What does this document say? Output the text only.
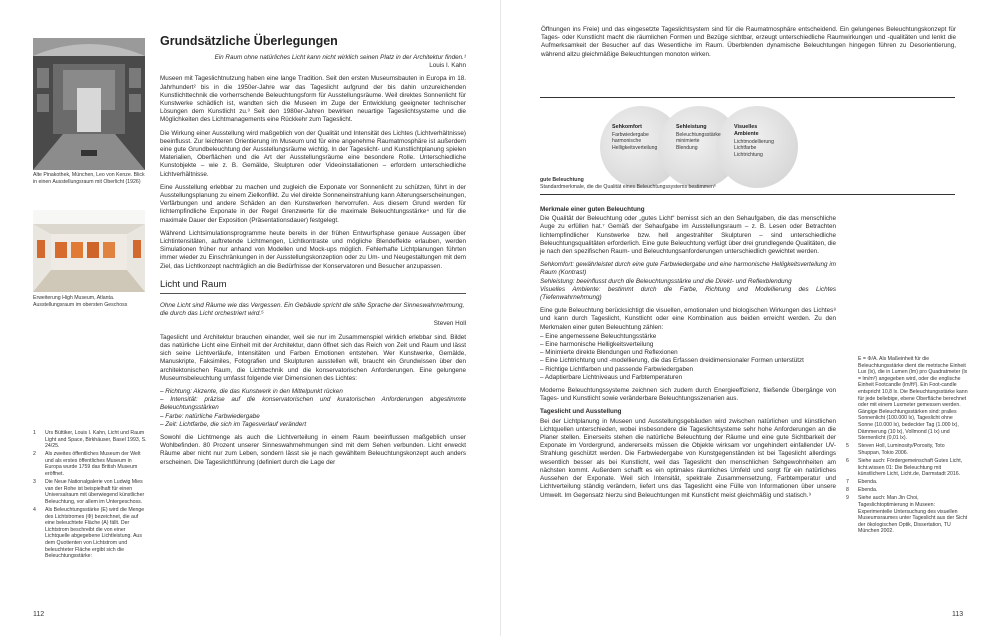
Alte Pinakothek, München, Leo von Kenze. Blick in einen Ausstellungsraum mit Oberlicht (1926)
Erweiterung High Museum, Atlanta. Ausstellungsraum im obersten Geschoss
1	Urs Büttiker, Louis I. Kahn, Licht und Raum Light and Space, Birkhäuser, Basel 1993, S. 24/25.
2	Als zweites öffentliches Museum der Welt und als erstes öffentliches Museum in Europa wurde 1759 das British Museum eröffnet.
3	Die Neue Nationalgalerie von Ludwig Mies van der Rohe ist beispielhaft für einen Universalraum mit überwiegend künstlicher Beleuchtung, vor allem im Untergeschoss.
4	Als Beleuchtungsstärke (E) wird die Menge des Lichtstromes (Φ) bezeichnet, die auf eine beleuchtete Fläche (A) fällt. Der Lichtstrom beschreibt die von einer Lichtquelle abgegebene Lichtleistung. Aus dem Quotienten von Lichtstrom und beleuchteter Fläche ergibt sich die Beleuchtungsstärke:
Grundsätzliche Überlegungen

Ein Raum ohne natürliches Licht kann nicht wirklich seinen Platz in der Architektur finden.¹

Louis I. Kahn

Museen mit Tageslichtnutzung haben eine lange Tradition. Seit den ersten Museumsbauten in Europa im 18. Jahrhundert² bis in die 1950er-Jahre war das Tageslicht aufgrund der bis dahin unzureichenden Kunstlichttechnik die vorherrschende Beleuchtungsform für Ausstellungsräume. Weil direktes Sonnenlicht für Kunstwerke schädlich ist, wandten sich die Museen im Zuge der Entwicklung geeigneter technischer Lösungen dem Kunstlicht zu.³ Seit den 1980er-Jahren bewirken neuartige Tageslichtsysteme und die Möglichkeiten des Lichtmanagements eine Rückkehr zum Tageslicht.

Die Wirkung einer Ausstellung wird maßgeblich von der Qualität und Intensität des Lichtes (Lichtverhältnisse) beeinflusst. Zur leichteren Orientierung im Museum und für eine angenehme Raumatmosphäre ist außerdem eine gute Grundbeleuchtung der Ausstellungsräume wichtig. In der Tageslicht- und Kunstlichtplanung spielen Materialien, Oberflächen und die Art der Ausstellungsräume eine besondere Rolle. Unterschiedliche Kunstobjekte – wie z. B. Gemälde, Skulpturen oder Videoinstallationen – erfordern unterschiedliche Lichtverhältnisse.

Eine Ausstellung erlebbar zu machen und zugleich die Exponate vor Sonnenlicht zu schützen, führt in der Ausstellungsplanung zu einem Zielkonflikt. Zu viel direkte Sonneneinstrahlung kann Alterungserscheinungen, Verfärbungen und andere Schäden an den Kunstwerken hervorrufen. Aus diesem Grund werden für lichtempfindliche Exponate in der Regel Grenzwerte für die maximale Beleuchtungsstärke⁴ und für die maximale Dauer der Exposition (Präsentationsdauer) festgelegt.

Während Lichtsimulationsprogramme heute bereits in der frühen Entwurfsphase genaue Aussagen über Lichtintensitäten, auftretende Lichtmengen, Lichtkontraste und mögliche Blendeffekte erlauben, werden Simulationen früher nur anhand von Modellen und Mock-ups möglich. Fehlerhafte Lichtplanungen führten immer wieder zu Einschränkungen in der Ausstellungskonzeption oder zu Um- und Neugestaltungen mit dem Ziel, das Lichtkonzept nachträglich an die Bedürfnisse der Konservatoren und Besucher anzupassen.

Licht und Raum

Ohne Licht sind Räume wie das Vergessen. Ein Gebäude spricht die stille Sprache der Sinneswahrnehmung, die durch das Licht orchestriert wird.⁵

Steven Holl

Tageslicht und Architektur brauchen einander, weil sie nur im Zusammenspiel wirklich erlebbar sind. Bildet das natürliche Licht eine Einheit mit der Architektur, dann öffnet sich das Reich von Zeit und Raum und lässt sich seine Lichtverläufe, Intensitäten und Farben Emotionen entstehen. Wer Kunstwerke, Gemälde, Manuskripte, Faksimiles, Fotografien und Skulpturen ausstellen will, braucht ein Grundwissen über den architektonischen Raum, die Lichttechnik und die konservatorischen Anforderungen. Eine gelungene Museumsbeleuchtung umfasst folgende vier Dimensionen des Lichtes:

– Richtung: Akzente, die das Kunstwerk in den Mittelpunkt rücken
– Intensität: präzise auf die konservatorischen und kuratorischen Anforderungen abgestimmte Beleuchtungsstärken
– Farbe: natürliche Farbwiedergabe
– Zeit: Lichtfarbe, die sich im Tagesverlauf verändert

Sowohl die Lichtmenge als auch die Lichtverteilung in einem Raum beeinflussen maßgeblich unser Wohlbefinden. 80 Prozent unserer Sinneswahrnehmungen sind mit dem Sehen verbunden. Licht erweckt Räume aber nicht nur zum Leben, sondern lässt sie je nach gewähltem Beleuchtungskonzept auch anders erscheinen. Die Tageslichtführung (definiert durch die Lage der

112

Öffnungen ins Freie) und das eingesetzte Tageslichtsystem sind für die Raumatmosphäre entscheidend. Ein gelungenes Beleuchtungskonzept für Tages- oder Kunstlicht macht die räumlichen Formen und Bezüge sichtbar, erzeugt unterschiedliche Raumwirkungen und -qualitäten und lenkt die Aufmerksamkeit der Besucher auf das Wesentliche im Raum. Überblenden dynamische Beleuchtungen hingegen führen zu Desorientierung, während allzu gleichmäßige Beleuchtungen monoton wirken.

Sehkomfort
Farbwiedergabe
harmonische Helligkeitsverteilung
Sehleistung
Beleuchtungsstärke
minimierte Blendung
Visuelles Ambiente
Lichtmodellierung
Lichtfarbe
Lichtrichtung
gute Beleuchtung
Standardmerkmale, die die Qualität eines Beleuchtungssystems bestimmen⁶
Merkmale einer guten Beleuchtung

Die Qualität der Beleuchtung oder „gutes Licht“ bemisst sich an den Sehaufgaben, die das menschliche Auge zu erfüllen hat.⁷ Gemäß der Sehaufgabe im Ausstellungsraum – z. B. Lesen oder Betrachten lichtempfindlicher Kunstwerke bzw. hell angestrahlter Skulpturen – sind unterschiedliche Beleuchtungsqualitäten erforderlich. Eine gute Beleuchtung verfügt über drei grundlegende Qualitäten, die je nach den spezifischen Raum- und Beleuchtungsanforderungen unterschiedlich gewichtet werden.

Sehkomfort: gewährleistet durch eine gute Farbwiedergabe und eine harmonische Helligkeitsverteilung im Raum (Kontrast)

Sehleistung: beeinflusst durch die Beleuchtungsstärke und die Direkt- und Reflexblendung

Visuelles Ambiente: bestimmt durch die Farbe, Richtung und Modellierung des Lichtes (Tiefenwahrnehmung)

Eine gute Beleuchtung berücksichtigt die visuellen, emotionalen und biologischen Wirkungen des Lichtes⁸ und kann durch Tageslicht, Kunstlicht oder eine Kombination aus beiden erreicht werden. Zu den Merkmalen einer guten Beleuchtung zählen:

– Eine angemessene Beleuchtungsstärke
– Eine harmonische Helligkeitsverteilung
– Minimierte direkte Blendungen und Reflexionen
– Eine Lichtrichtung und -modellierung, die das Erfassen dreidimensionaler Formen unterstützt
– Richtige Lichtfarben und passende Farbwiedergaben
– Adaptierbare Lichtniveaus und Farbtemperaturen

Moderne Beleuchtungssysteme zeichnen sich zudem durch Energieeffizienz, fließende Übergänge von Tages- und Kunstlicht sowie veränderbare Beleuchtungsszenarien aus.

Tageslicht und Ausstellung

Bei der Lichtplanung in Museen und Ausstellungsgebäuden wird zwischen natürlichen und künstlichen Lichtquellen unterschieden, wobei insbesondere die Tageslichtsysteme sehr hohe Anforderungen an die Planer stellen. Einerseits stehen die natürliche Beleuchtung der Räume und eine gute Sichtbarkeit der Exponate im Vordergrund, andererseits müssen die Objekte wirksam vor ungehindert einfallender UV-Strahlung geschützt werden. Die Farbwiedergabe von Kunstgegenständen ist bei Tageslicht allerdings wesentlich besser als bei Kunstlicht, weil das Tageslicht den menschlichen Sehgewohnheiten am nächsten kommt. Außerdem schafft es ein optimales räumliches Umfeld und sorgt für ein natürliches Aussehen der Exponate. Weil sich Intensität, spektrale Zusammensetzung, Farbtemperatur und Lichtverteilung ständig verändern, liefert uns das Tageslicht eine Fülle von Informationen über unsere Umwelt. Im Gegensatz hierzu sind Beleuchtungen mit Kunstlicht meist gleichmäßig und statisch.⁹

E = Φ/A. Als Maßeinheit für die Beleuchtungsstärke dient die metrische Einheit Lux (lx), die in Lumen (lm) pro Quadratmeter (lx = lm/m²) angegeben wird, oder die englische Einheit Footcandle (lm/ft²). Ein Foot-candle entspricht 10,8 lx. Die Beleuchtungsstärke kann für jede beliebige, ebene Oberfläche berechnet oder mit einem Luxmeter gemessen werden. Gängige Beleuchtungsstärken sind: pralles Sonnenlicht (100.000 lx), Tageslicht ohne Sonne (10.000 lx), bedeckter Tag (1.000 lx), Dämmerung (10 lx), Vollmond (1 lx) und Sternenlicht (0,01 lx).
5	Steven Holl, Luminosity/Porosity, Toto Shuppan, Tokio 2006.
6	Siehe auch: Fördergemeinschaft Gutes Licht, licht.wissen 01: Die Beleuchtung mit künstlichem Licht, Licht.de, Darmstadt 2016.
7	Ebenda.
8	Ebenda.
9	Siehe auch: Man Jin Choi, Tageslichtoptimierung in Museen: Experimentelle Untersuchung des visuellen Museumsraumes unter Tageslicht aus der Sicht der ökologischen Optik, Dissertation, TU München 2002.
113
